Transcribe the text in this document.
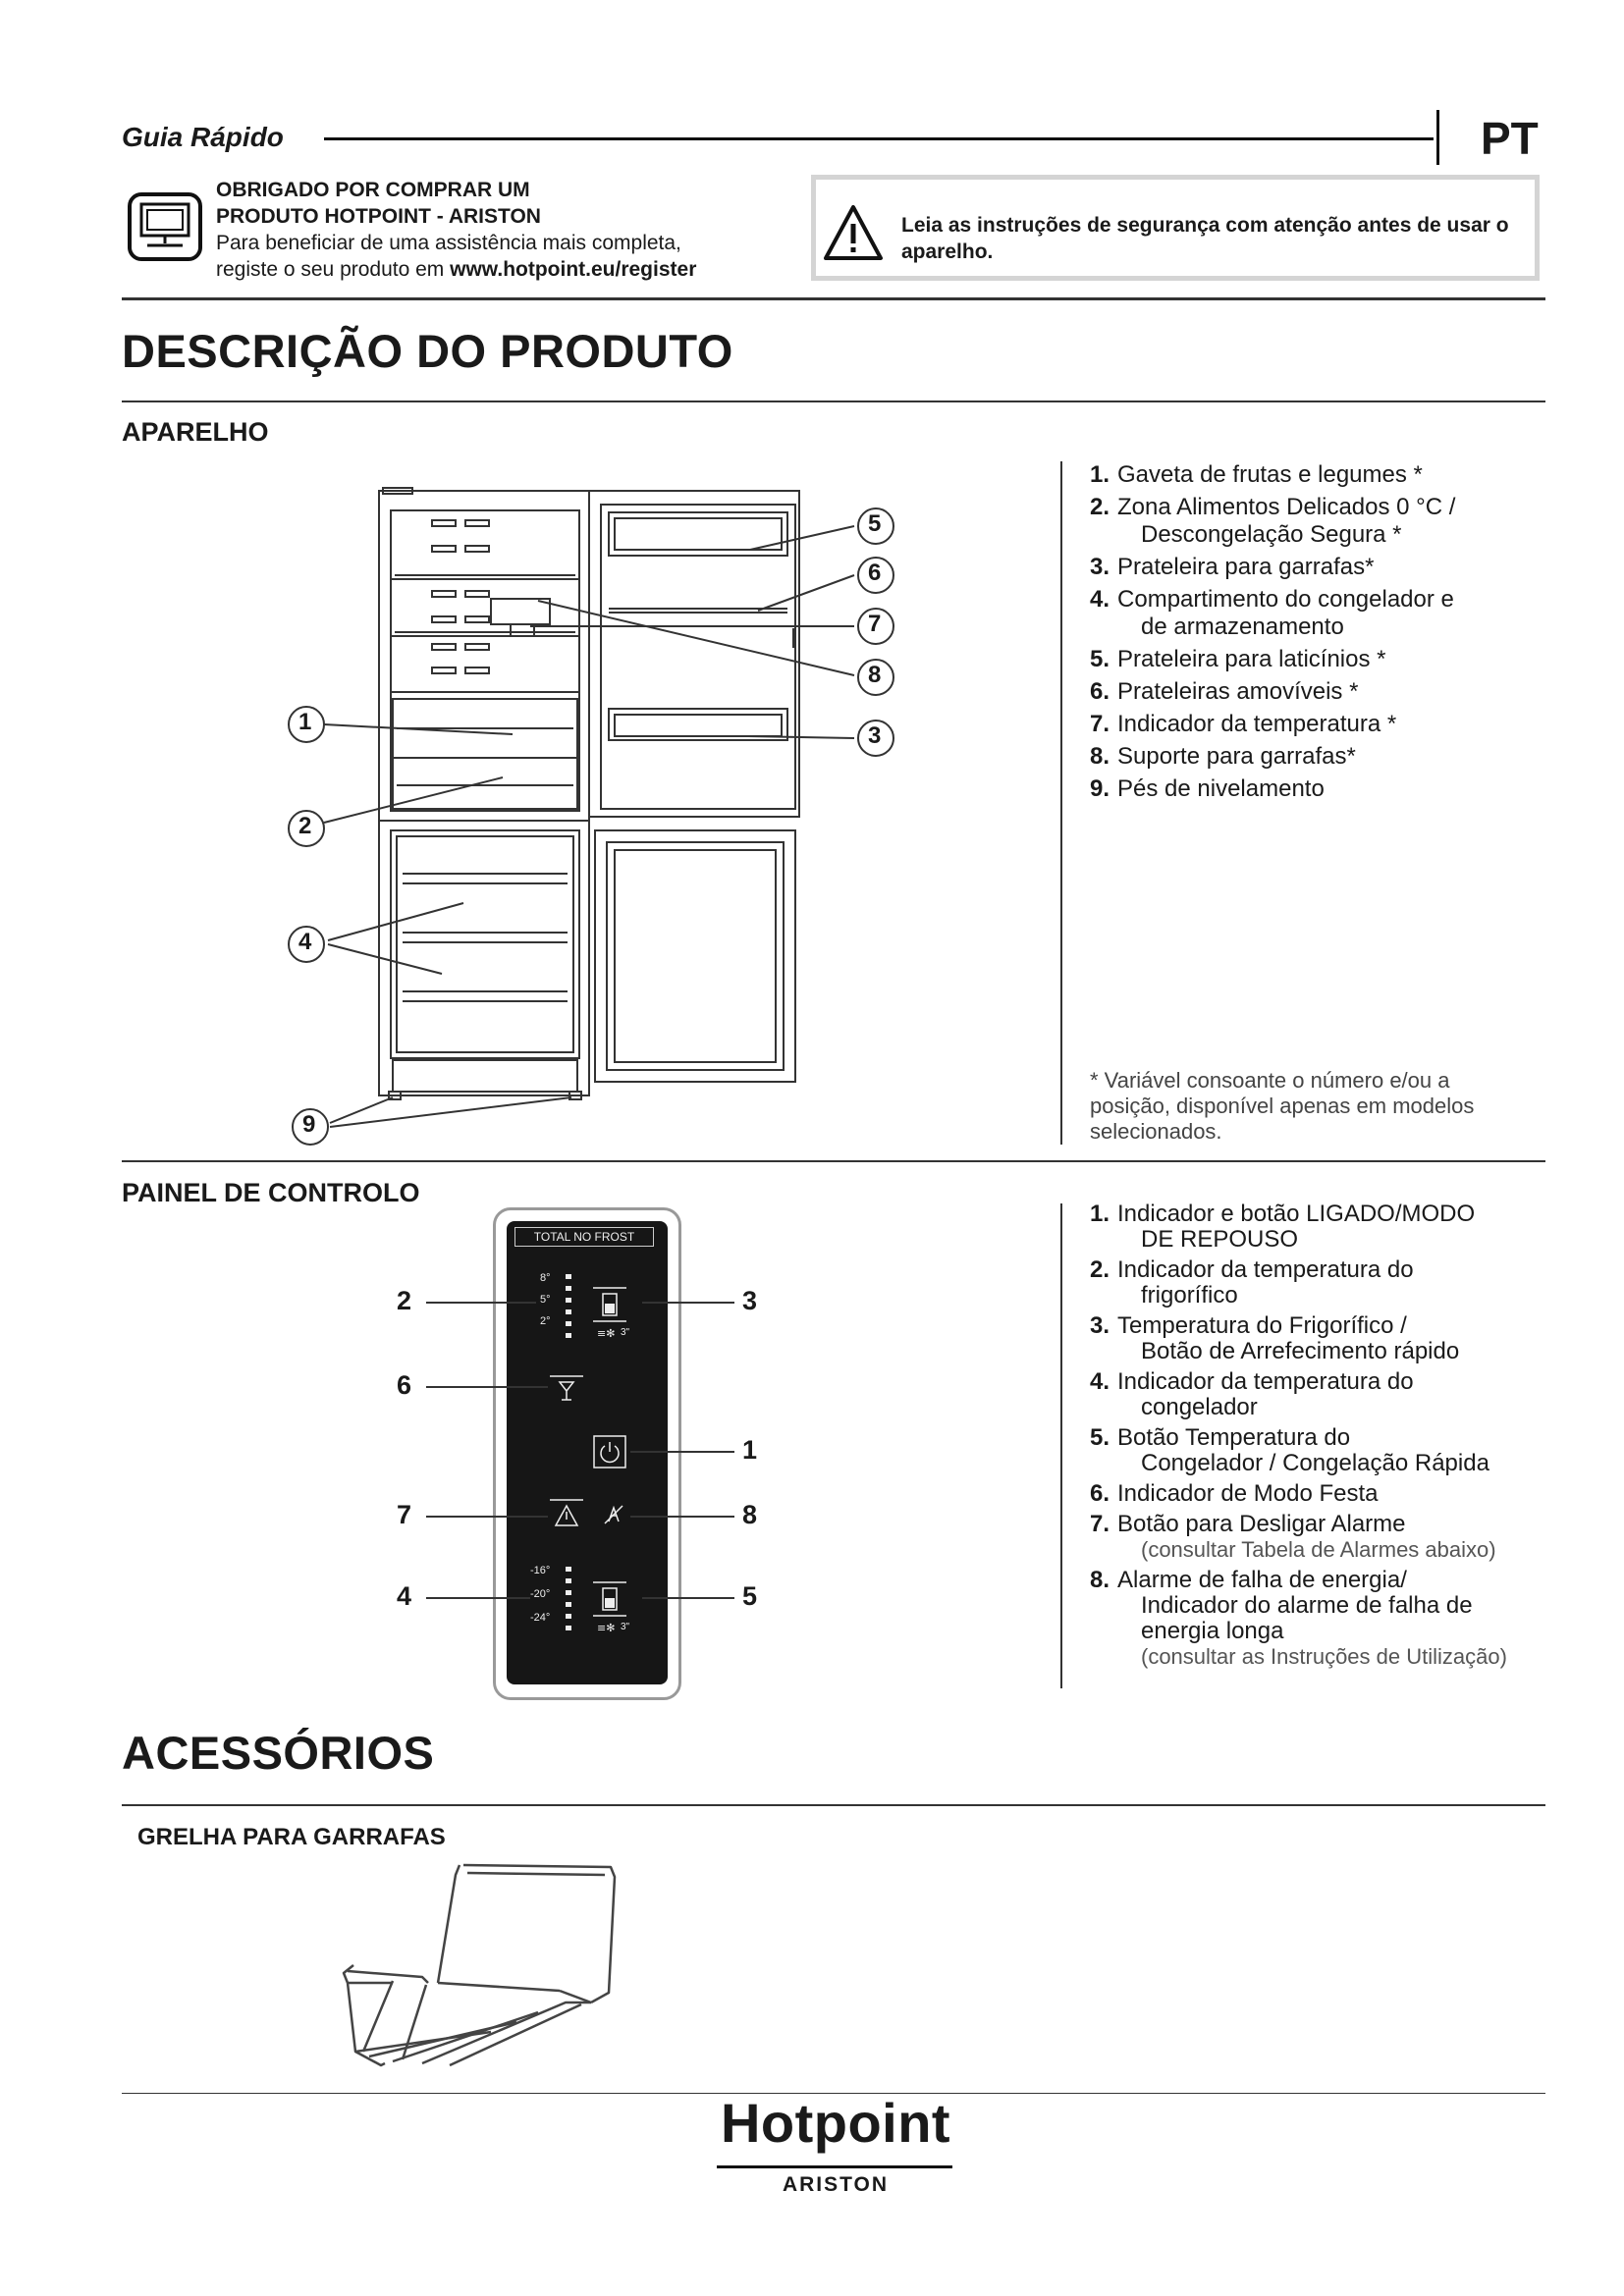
Guia Rápido	PT
OBRIGADO POR COMPRAR UM
PRODUTO HOTPOINT - ARISTON
Para beneficiar de uma assistência mais completa,
registe o seu produto em www.hotpoint.eu/register
Leia as instruções de segurança com atenção antes de usar o aparelho.
DESCRIÇÃO DO PRODUTO
APARELHO
1
2
4
9
5
6
7
8
3
1. Gaveta de frutas e legumes *
2. Zona Alimentos Delicados 0 °C /
Descongelação Segura *
3. Prateleira para garrafas*
4. Compartimento do congelador e
de armazenamento
5. Prateleira para laticínios *
6. Prateleiras amovíveis *
7. Indicador da temperatura *
8. Suporte para garrafas*
9. Pés de nivelamento
* Variável consoante o número e/ou a posição, disponível apenas em modelos selecionados.
PAINEL DE CONTROLO
TOTAL NO FROST
8°
5°
2°
≡✻ 3"
-16°
-20°
-24°
≡✻ 3"
2
6
7
4
3
1
8
5
1. Indicador e botão LIGADO/MODO
DE REPOUSO
2. Indicador da temperatura do
frigorífico
3. Temperatura do Frigorífico /
Botão de Arrefecimento rápido
4. Indicador da temperatura do
congelador
5. Botão Temperatura do
Congelador / Congelação Rápida
6. Indicador de Modo Festa
7. Botão para Desligar Alarme
(consultar Tabela de Alarmes abaixo)
8. Alarme de falha de energia/
Indicador do alarme de falha de
energia longa
(consultar as Instruções de Utilização)
ACESSÓRIOS
GRELHA PARA GARRAFAS
Hotpoint
ARISTON
